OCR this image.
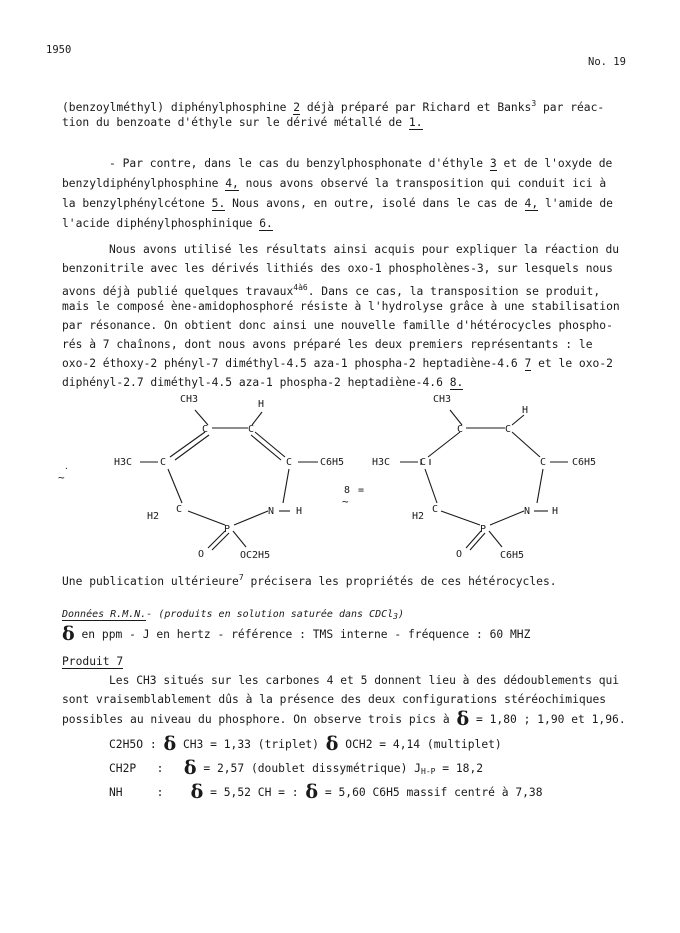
1950
No. 19
(benzoylméthyl) diphénylphosphine 2 déjà préparé par Richard et Banks$^3$ par réac-
tion du benzoate d'éthyle sur le dérivé métallé de 1.
- Par contre, dans le cas du benzylphosphonate d'éthyle 3 et de l'oxyde de
benzyldiphénylphosphine 4, nous avons observé la transposition qui conduit ici à
la benzylphénylcétone 5. Nous avons, en outre, isolé dans le cas de 4, l'amide de
l'acide diphénylphosphinique 6.
Nous avons utilisé les résultats ainsi acquis pour expliquer la réaction du
benzonitrile avec les dérivés lithiés des oxo-1 phospholènes-3, sur lesquels nous
avons déjà publié quelques travaux$^{4à6}$. Dans ce cas, la transposition se produit,
mais le composé ène-amidophosphoré résiste à l'hydrolyse grâce à une stabilisation
par résonance. On obtient donc ainsi une nouvelle famille d'hétérocycles phospho-
rés à 7 chaînons, dont nous avons préparé les deux premiers représentants : le
oxo-2 éthoxy-2 phényl-7 diméthyl-4.5 aza-1 phospha-2 heptadiène-4.6 7 et le oxo-2
diphényl-2.7 diméthyl-4.5 aza-1 phospha-2 heptadiène-4.6 8.
CH3	H
C	C
H3C	C	C	C6H5
H2
C	N H
P
O	OC2H5
8 =
~
~
·
CH3
H
C	C
H3C	C	C	C6H5
H2
C	N H
P
O	C6H5
Une publication ultérieure$^7$ précisera les propriétés de ces hétérocycles.
Données R.M.N.- (produits en solution saturée dans CDCl$_3$)
δ en ppm - J en hertz - référence : TMS interne - fréquence : 60 MHZ
Produit 7
Les CH3 situés sur les carbones 4 et 5 donnent lieu à des dédoublements qui
sont vraisemblablement dûs à la présence des deux configurations stéréochimiques
possibles au niveau du phosphore. On observe trois pics à δ = 1,80 ; 1,90 et 1,96.
C2H5O : δ CH3 = 1,33 (triplet) δ OCH2 = 4,14 (multiplet)
CH2P : δ = 2,57 (doublet dissymétrique) $J_{H-P} = 18,2$
NH	: δ = 5,52 CH = : δ = 5,60 C6H5 massif centré à 7,38
